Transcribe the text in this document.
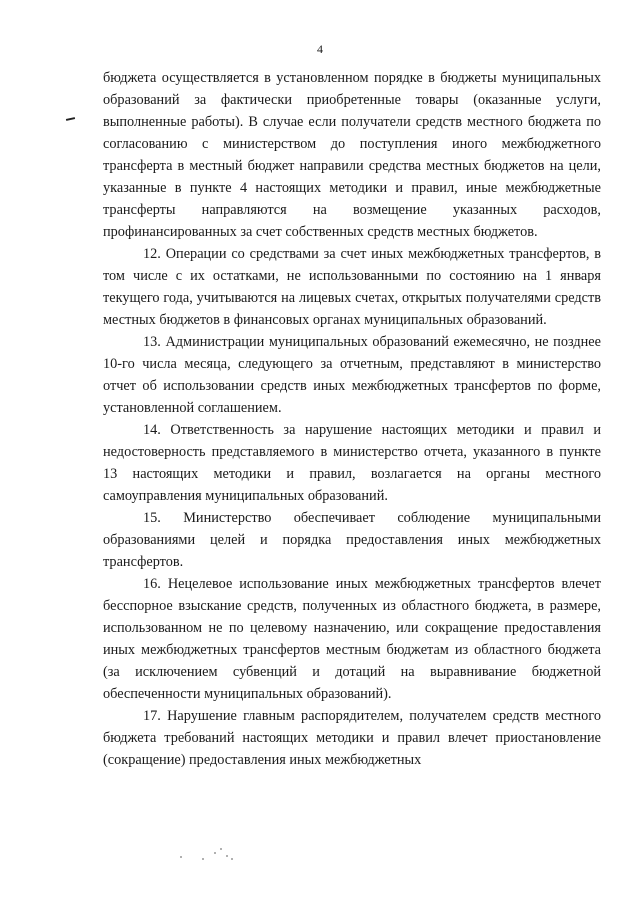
4

бюджета осуществляется в установленном порядке в бюджеты муниципальных образований за фактически приобретенные товары (оказанные услуги, выполненные работы). В случае если получатели средств местного бюджета по согласованию с министерством до поступления иного межбюджетного трансферта в местный бюджет направили средства местных бюджетов на цели, указанные в пункте 4 настоящих методики и правил, иные межбюджетные трансферты направляются на возмещение указанных расходов, профинансированных за счет собственных средств местных бюджетов.

12. Операции со средствами за счет иных межбюджетных трансфертов, в том числе с их остатками, не использованными по состоянию на 1 января текущего года, учитываются на лицевых счетах, открытых получателями средств местных бюджетов в финансовых органах муниципальных образований.

13. Администрации муниципальных образований ежемесячно, не позднее 10-го числа месяца, следующего за отчетным, представляют в министерство отчет об использовании средств иных межбюджетных трансфертов по форме, установленной соглашением.

14. Ответственность за нарушение настоящих методики и правил и недостоверность представляемого в министерство отчета, указанного в пункте 13 настоящих методики и правил, возлагается на органы местного самоуправления муниципальных образований.

15. Министерство обеспечивает соблюдение муниципальными образованиями целей и порядка предоставления иных межбюджетных трансфертов.

16. Нецелевое использование иных межбюджетных трансфертов влечет бесспорное взыскание средств, полученных из областного бюджета, в размере, использованном не по целевому назначению, или сокращение предоставления иных межбюджетных трансфертов местным бюджетам из областного бюджета (за исключением субвенций и дотаций на выравнивание бюджетной обеспеченности муниципальных образований).

17. Нарушение главным распорядителем, получателем средств местного бюджета требований настоящих методики и правил влечет приостановление (сокращение) предоставления иных межбюджетных
